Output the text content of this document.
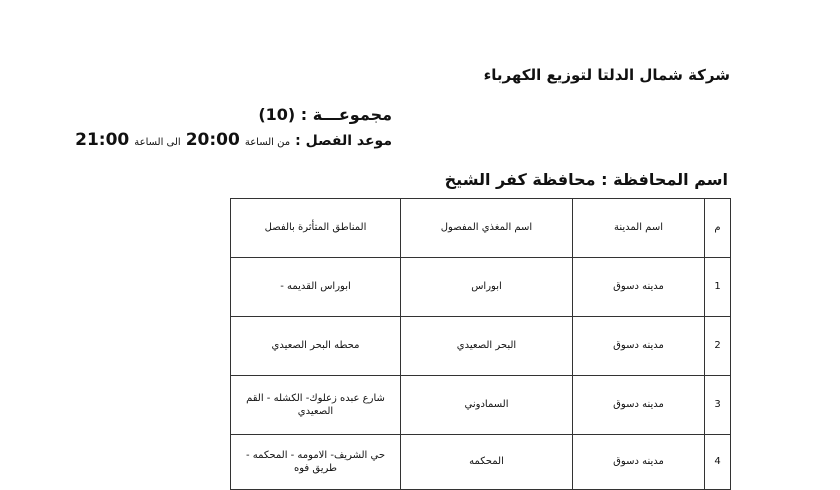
شركة شمال الدلتا لتوزيع الكهرباء
مجموعـــة : (10)
موعد الفصل :
من الساعة
20:00
الى الساعة
21:00
اسم المحافظة : محافظة كفر الشيخ
م	اسم المدينة	اسم المغذي المفصول	المناطق المتأثرة بالفصل
1	مدينه دسوق	ابوراس	ابوراس القديمه -
2	مدينه دسوق	البحر الصعيدي	محطه البحر الصعيدي
3	مدينه دسوق	السمادوني	شارع عبده زعلوك- الكشله - القم الصعيدي
4	مدينه دسوق	المحكمه	حي الشريف- الامومه - المحكمه - طريق فوه
